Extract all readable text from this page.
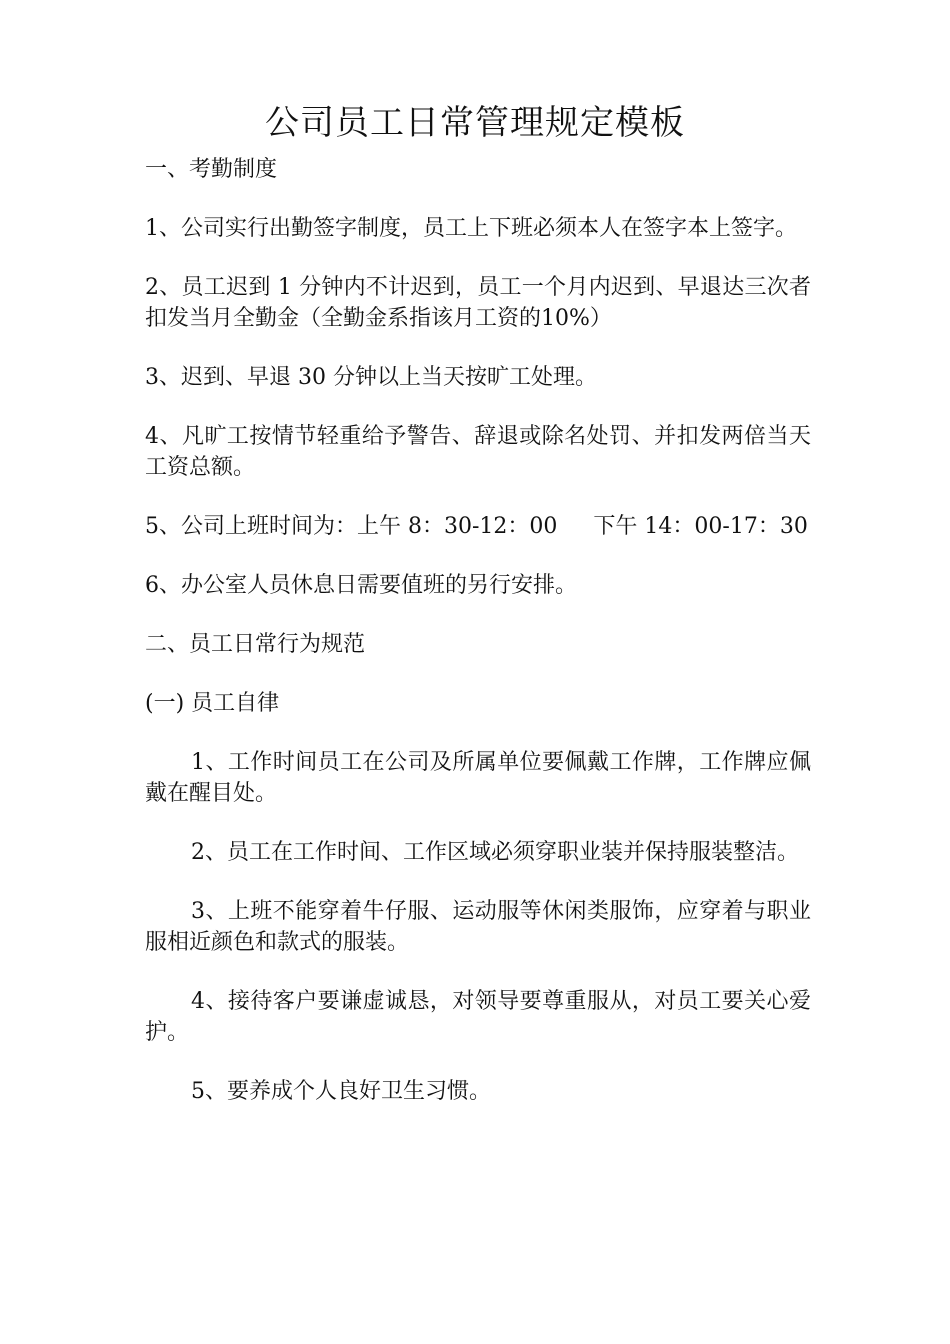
公司员工日常管理规定模板

一、考勤制度

1、公司实行出勤签字制度，员工上下班必须本人在签字本上签字。

2、员工迟到 1 分钟内不计迟到，员工一个月内迟到、早退达三次者扣发当月全勤金（全勤金系指该月工资的10%）

3、迟到、早退 30 分钟以上当天按旷工处理。

4、凡旷工按情节轻重给予警告、辞退或除名处罚、并扣发两倍当天工资总额。

5、公司上班时间为：上午 8：30-12：00 下午 14：00-17：30

6、办公室人员休息日需要值班的另行安排。

二、员工日常行为规范

(一) 员工自律

1、工作时间员工在公司及所属单位要佩戴工作牌，工作牌应佩戴在醒目处。

2、员工在工作时间、工作区域必须穿职业装并保持服装整洁。

3、上班不能穿着牛仔服、运动服等休闲类服饰，应穿着与职业服相近颜色和款式的服装。

4、接待客户要谦虚诚恳，对领导要尊重服从，对员工要关心爱护。

5、要养成个人良好卫生习惯。
